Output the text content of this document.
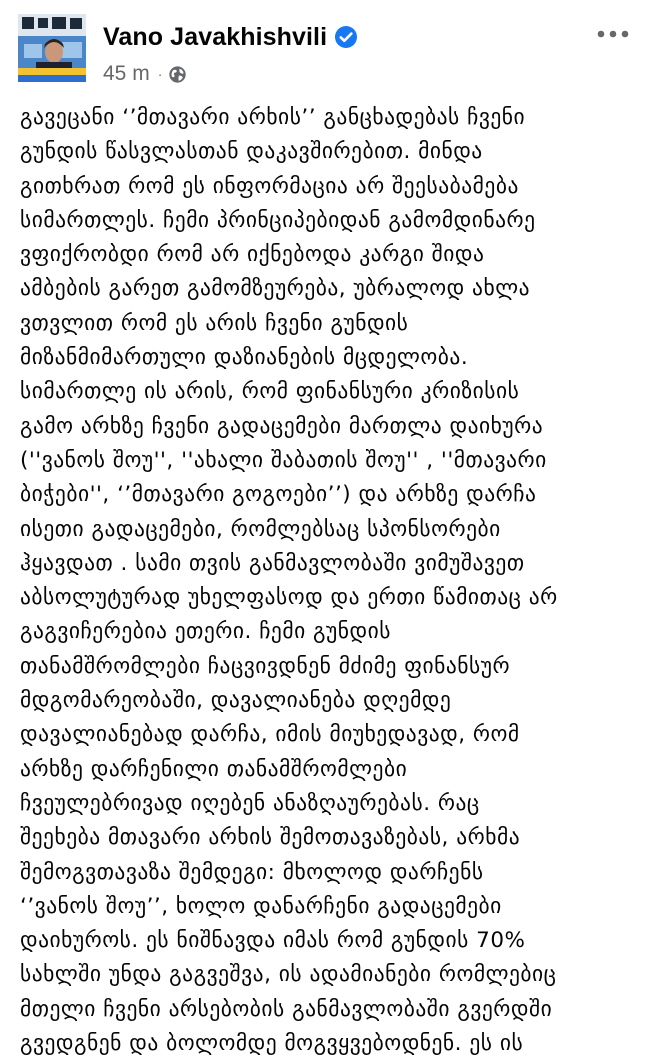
Vano Javakhishvili
45 m ·
გავეცანი ‘’მთავარი არხის’’ განცხადებას ჩვენი
გუნდის წასვლასთან დაკავშირებით. მინდა
გითხრათ რომ ეს ინფორმაცია არ შეესაბამება
სიმართლეს. ჩემი პრინციპებიდან გამომდინარე
ვფიქრობდი რომ არ იქნებოდა კარგი შიდა
ამბების გარეთ გამომზეურება, უბრალოდ ახლა
ვთვლით რომ ეს არის ჩვენი გუნდის
მიზანმიმართული დაზიანების მცდელობა.
სიმართლე ის არის, რომ ფინანსური კრიზისის
გამო არხზე ჩვენი გადაცემები მართლა დაიხურა
(''ვანოს შოუ'', ''ახალი შაბათის შოუ'' , ''მთავარი
ბიჭები'', ‘’მთავარი გოგოები’’) და არხზე დარჩა
ისეთი გადაცემები, რომლებსაც სპონსორები
ჰყავდათ . სამი თვის განმავლობაში ვიმუშავეთ
აბსოლუტურად უხელფასოდ და ერთი წამითაც არ
გაგვიჩერებია ეთერი. ჩემი გუნდის
თანამშრომლები ჩაცვივდნენ მძიმე ფინანსურ
მდგომარეობაში, დავალიანება დღემდე
დავალიანებად დარჩა, იმის მიუხედავად, რომ
არხზე დარჩენილი თანამშრომლები
ჩვეულებრივად იღებენ ანაზღაურებას. რაც
შეეხება მთავარი არხის შემოთავაზებას, არხმა
შემოგვთავაზა შემდეგი: მხოლოდ დარჩენს
‘’ვანოს შოუ’’, ხოლო დანარჩენი გადაცემები
დაიხუროს. ეს ნიშნავდა იმას რომ გუნდის 70%
სახლში უნდა გაგვეშვა, ის ადამიანები რომლებიც
მთელი ჩვენი არსებობის განმავლობაში გვერდში
გვედგნენ და ბოლომდე მოგვყვებოდნენ. ეს ის
